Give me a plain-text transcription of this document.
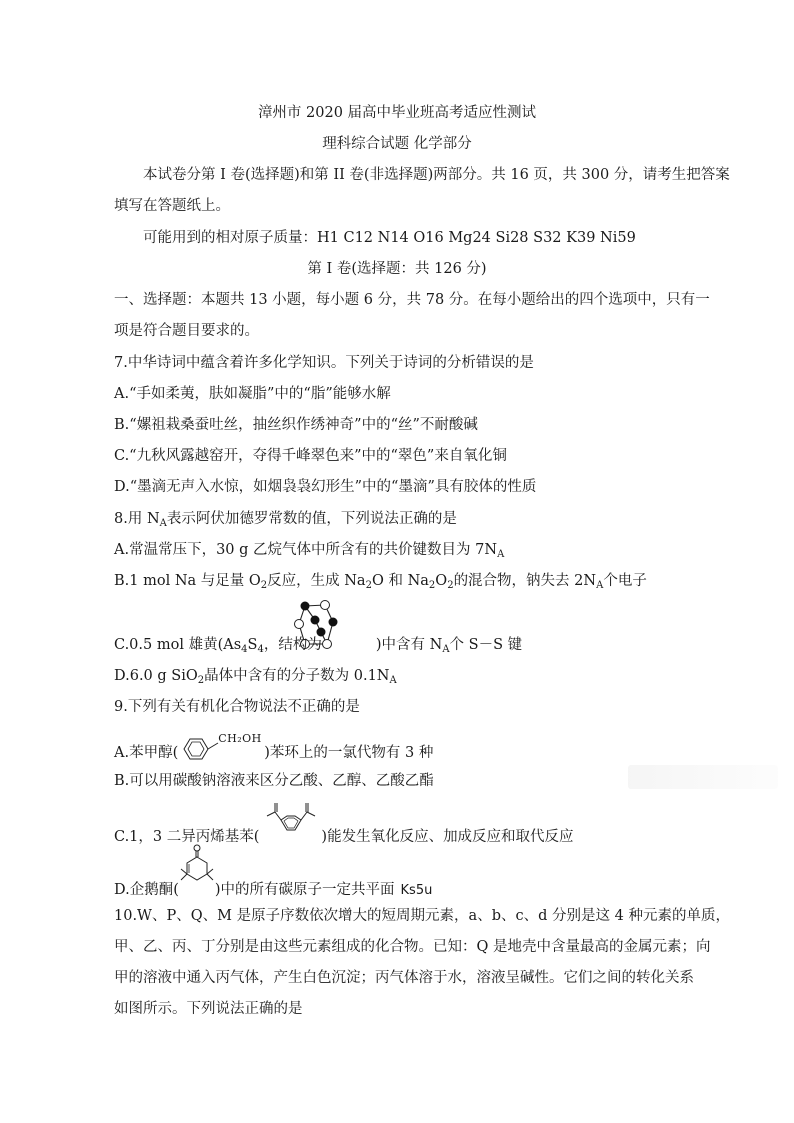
漳州市 2020 届高中毕业班高考适应性测试
理科综合试题 化学部分
本试卷分第 I 卷(选择题)和第 II 卷(非选择题)两部分。共 16 页，共 300 分，请考生把答案
填写在答题纸上。
可能用到的相对原子质量：H1 C12 N14 O16 Mg24 Si28 S32 K39 Ni59
第 I 卷(选择题：共 126 分)
一、选择题：本题共 13 小题，每小题 6 分，共 78 分。在每小题给出的四个选项中，只有一
项是符合题目要求的。
7.中华诗词中蕴含着许多化学知识。下列关于诗词的分析错误的是
A.“手如柔荑，肤如凝脂”中的“脂”能够水解
B.“嫘祖栽桑蚕吐丝，抽丝织作绣神奇”中的“丝”不耐酸碱
C.“九秋风露越窑开，夺得千峰翠色来”中的“翠色”来自氧化铜
D.“墨滴无声入水惊，如烟袅袅幻形生”中的“墨滴”具有胶体的性质
8.用 $N_A$表示阿伏加德罗常数的值，下列说法正确的是
A.常温常压下，30 g 乙烷气体中所含有的共价键数目为 $7N_A$
B.1 mol Na 与足量 $O_2$反应，生成 $Na_2O$ 和 $Na_2O_2$的混合物，钠失去 $2N_A$个电子
C.0.5 mol 雄黄($As_4S_4$，结构为	)中含有 $N_A$个 S－S 键
D.6.0 g SiO$_2$晶体中含有的分子数为 $0.1N_A$
9.下列有关有机化合物说法不正确的是
A.苯甲醇(
CH₂OH
)苯环上的一氯代物有 3 种
B.可以用碳酸钠溶液来区分乙酸、乙醇、乙酸乙酯
C.1，3 二异丙烯基苯(	)能发生氧化反应、加成反应和取代反应
D.企鹅酮( )中的所有碳原子一定共平面 Ks5u
10.W、P、Q、M 是原子序数依次增大的短周期元素，a、b、c、d 分别是这 4 种元素的单质，
甲、乙、丙、丁分别是由这些元素组成的化合物。已知：Q 是地壳中含量最高的金属元素；向
甲的溶液中通入丙气体，产生白色沉淀；丙气体溶于水，溶液呈碱性。它们之间的转化关系
如图所示。下列说法正确的是
